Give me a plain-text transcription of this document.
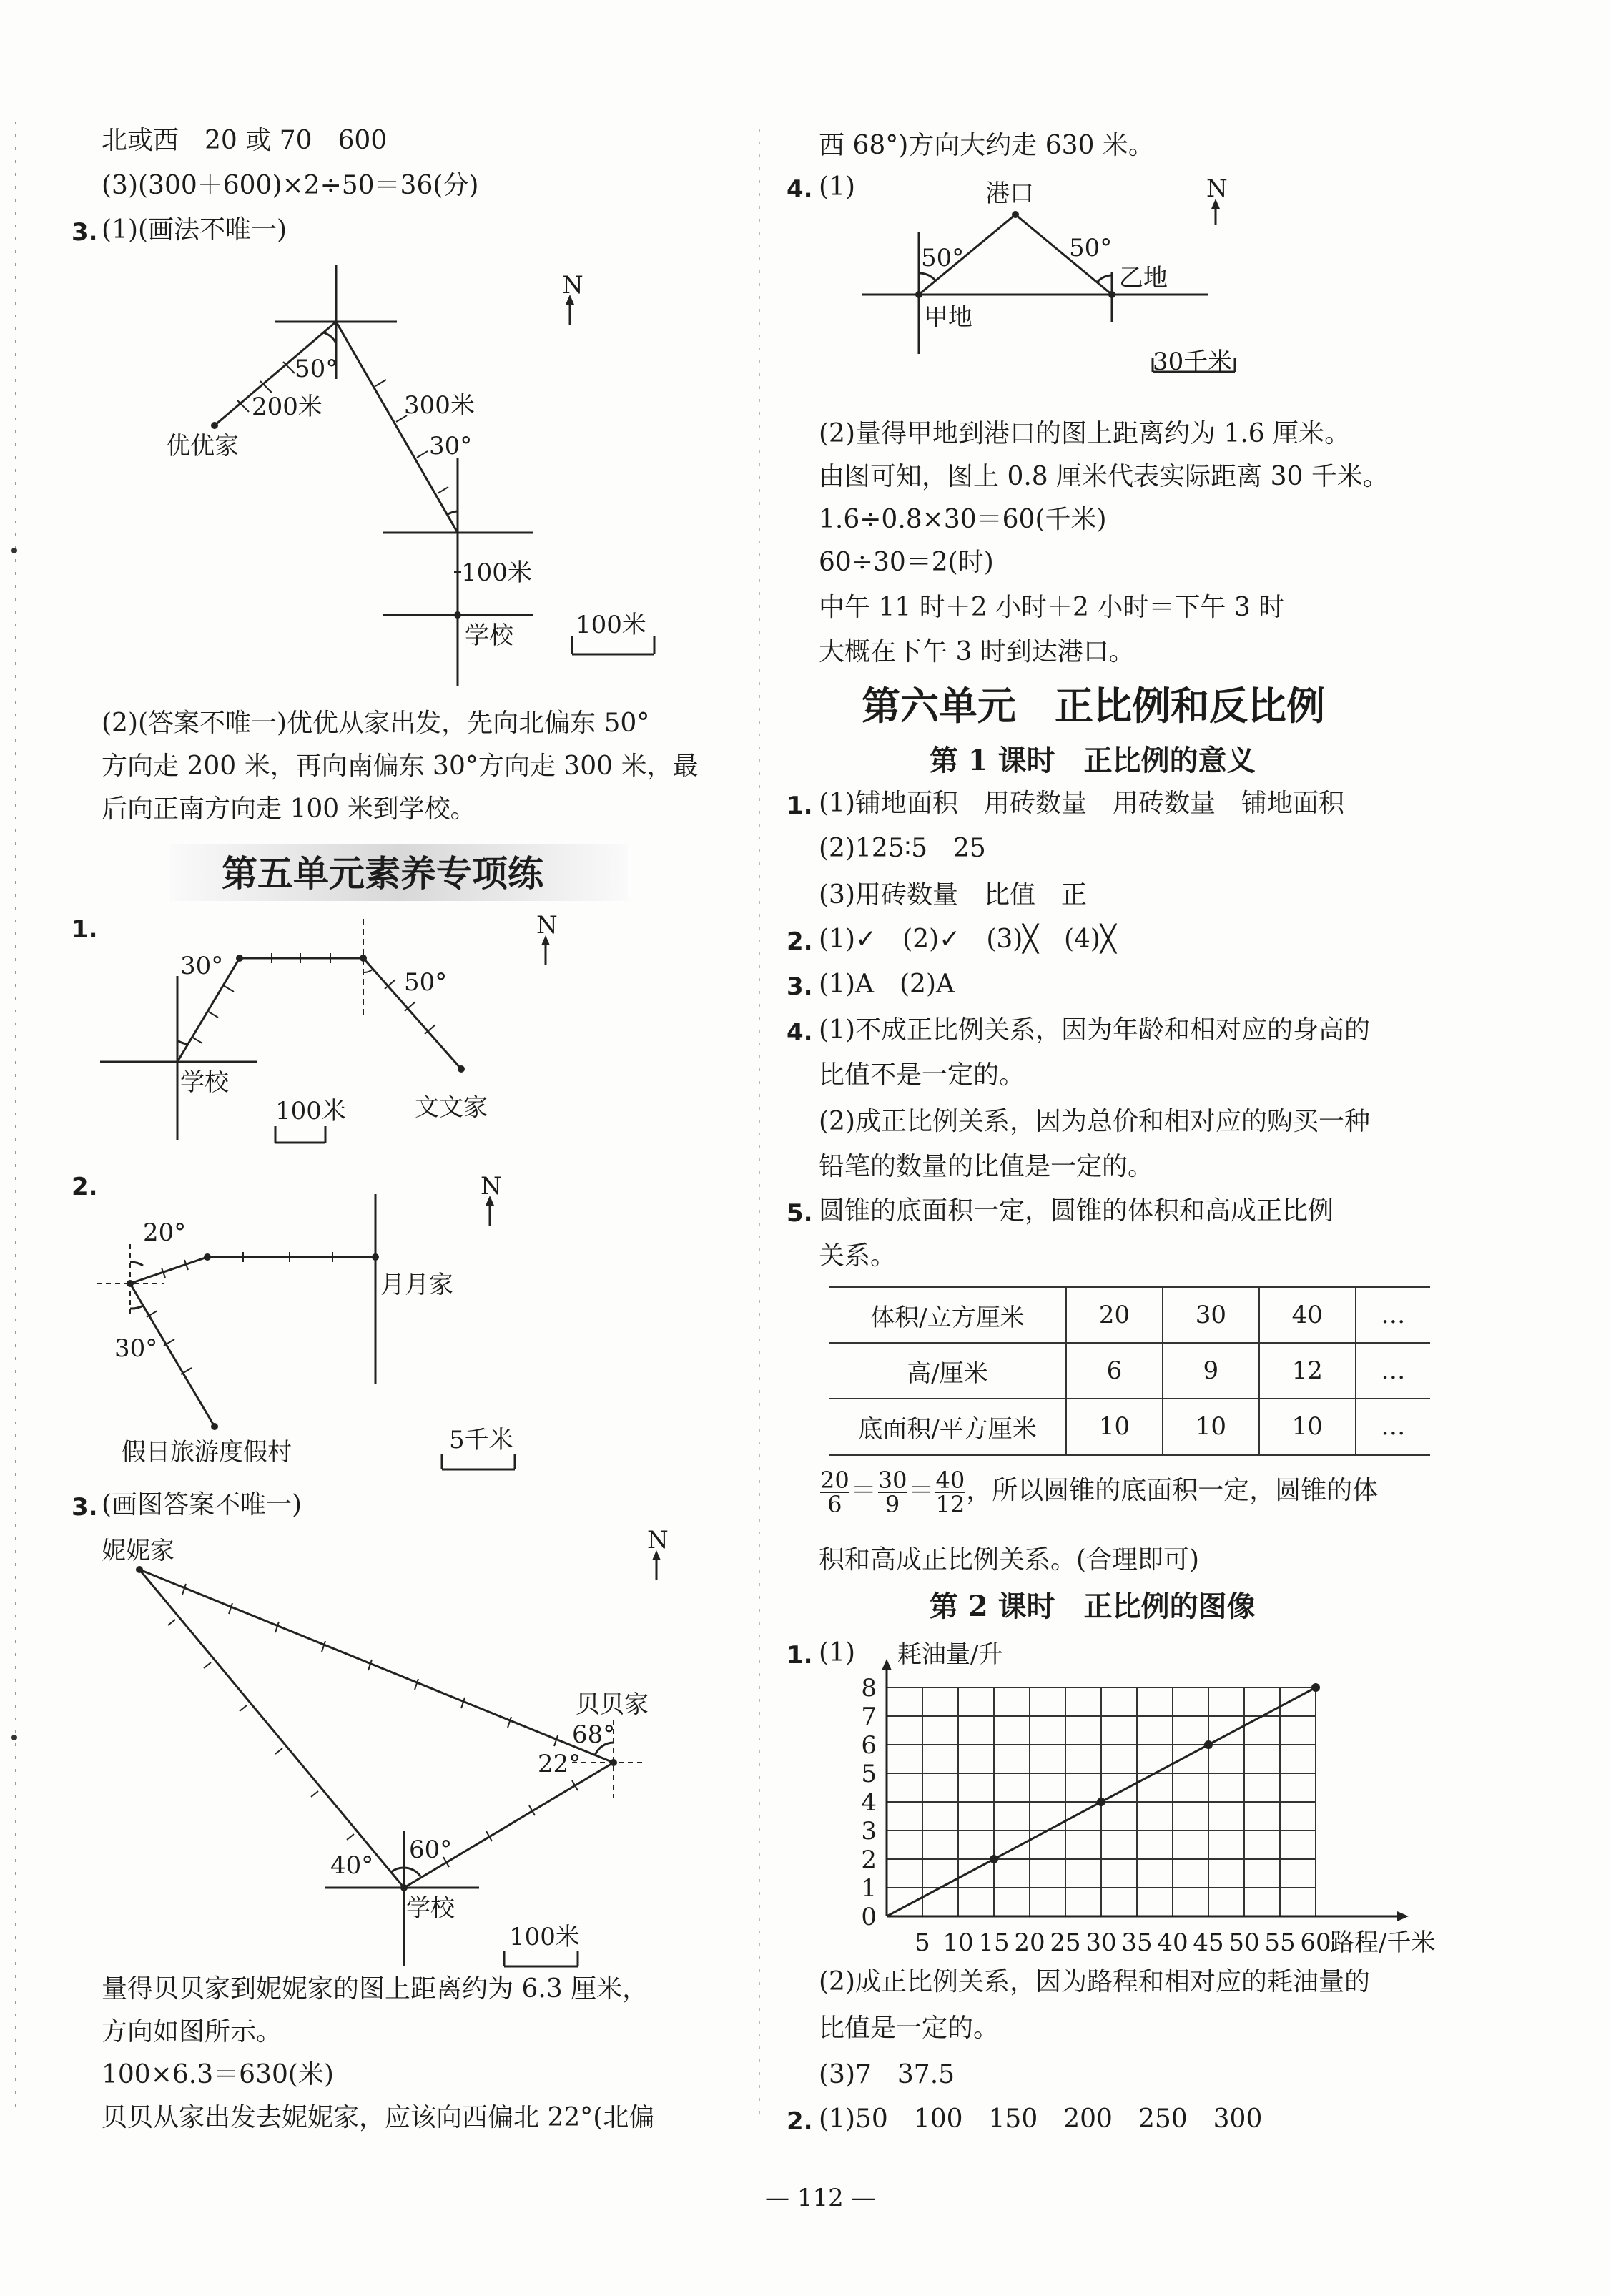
北或西　20 或 70　600
(3)(300＋600)×2÷50＝36(分)
3. (1)(画法不唯一)
N
50°
200米	300米
30°
优优家
100米
学校	100米
(2)(答案不唯一)优优从家出发，先向北偏东 50°
方向走 200 米，再向南偏东 30°方向走 300 米，最
后向正南方向走 100 米到学校。
第五单元素养专项练
1.	N
30°
50°
学校
文文家
100米
2.	N
20°
30°
月月家
假日旅游度假村	5千米
3. (画图答案不唯一)
N
妮妮家
贝贝家
68°
22°
40°
60°
学校
100米
量得贝贝家到妮妮家的图上距离约为 6.3 厘米，
方向如图所示。
100×6.3＝630(米)
贝贝从家出发去妮妮家，应该向西偏北 22°(北偏
西 68°)方向大约走 630 米。
4. (1)	N
港口
50°	50°
甲地
乙地
30千米
(2)量得甲地到港口的图上距离约为 1.6 厘米。
由图可知，图上 0.8 厘米代表实际距离 30 千米。
1.6÷0.8×30＝60(千米)
60÷30＝2(时)
中午 11 时＋2 小时＋2 小时＝下午 3 时
大概在下午 3 时到达港口。
第六单元　正比例和反比例
第 1 课时　正比例的意义
1. (1)铺地面积　用砖数量　用砖数量　铺地面积
(2)125∶5　25
(3)用砖数量　比值　正
2. (1)✓　(2)✓　(3)╳　(4)╳
3. (1)A　(2)A
4. (1)不成正比例关系，因为年龄和相对应的身高的
比值不是一定的。
(2)成正比例关系，因为总价和相对应的购买一种
铅笔的数量的比值是一定的。
5. 圆锥的底面积一定，圆锥的体积和高成正比例
关系。
体积/立方厘米	20	30	40	…
高/厘米	6	9	12	…
底面积/平方厘米	10	10	10	…
$\frac{20}{6} = \frac{30}{9} = \frac{40}{12}$ ，所以圆锥的底面积一定，圆锥的体
积和高成正比例关系。(合理即可)
第 2 课时　正比例的图像
1. (1)
5 10 15 20 25 30 35 40 45 50 55 60
0
1
2
3
4
5
6
7
8
耗油量/升
路程/千米
(2)成正比例关系，因为路程和相对应的耗油量的
比值是一定的。
(3)7　37.5
2. (1)50　100　150　200　250　300
— 112 —
